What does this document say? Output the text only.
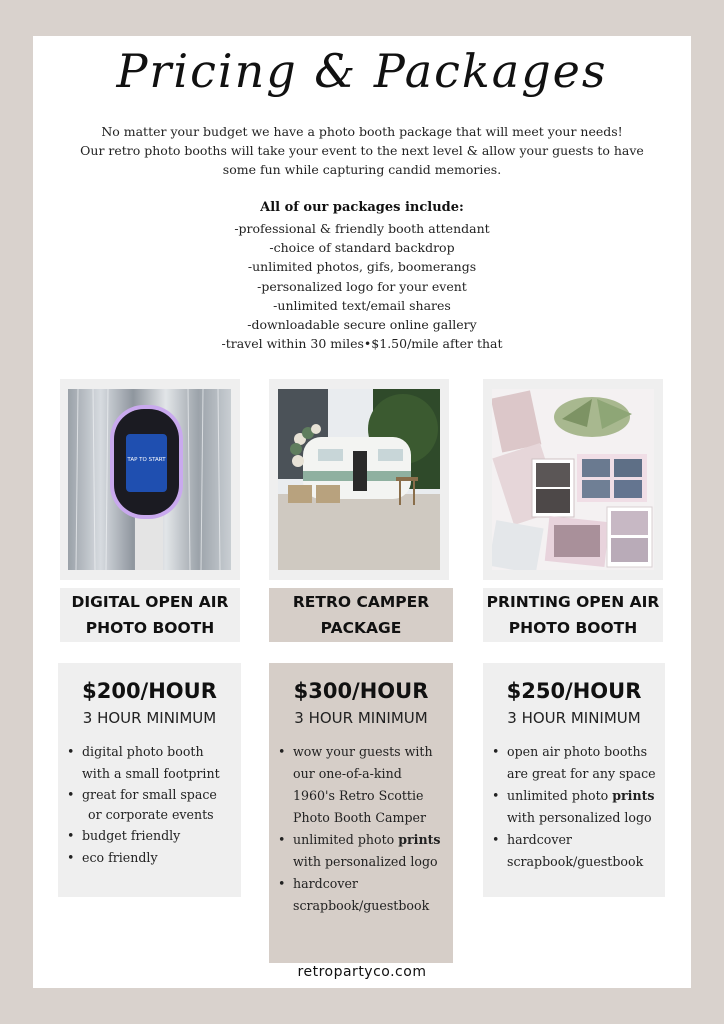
Pricing & Packages
No matter your budget we have a photo booth package that will meet your needs!
Our retro photo booths will take your event to the next level & allow your guests to have
some fun while capturing candid memories.
All of our packages include:
-professional & friendly booth attendant
-choice of standard backdrop
-unlimited photos, gifs, boomerangs
-personalized logo for your event
-unlimited text/email shares
-downloadable secure online gallery
-travel within 30 miles•$1.50/mile after that
TAP TO START
DIGITAL OPEN AIR
PHOTO BOOTH
RETRO CAMPER
PACKAGE
PRINTING OPEN AIR
PHOTO BOOTH
$200/HOUR
3 HOUR MINIMUM
• digital photo booth
with a small footprint
• great for small space
or corporate events
• budget friendly
• eco friendly
$300/HOUR
3 HOUR MINIMUM
• wow your guests with
our one-of-a-kind
1960's Retro Scottie
Photo Booth Camper
• unlimited photo prints
with personalized logo
• hardcover
scrapbook/guestbook
$250/HOUR
3 HOUR MINIMUM
• open air photo booths
are great for any space
• unlimited photo prints
with personalized logo
• hardcover
scrapbook/guestbook
retropartyco.com
